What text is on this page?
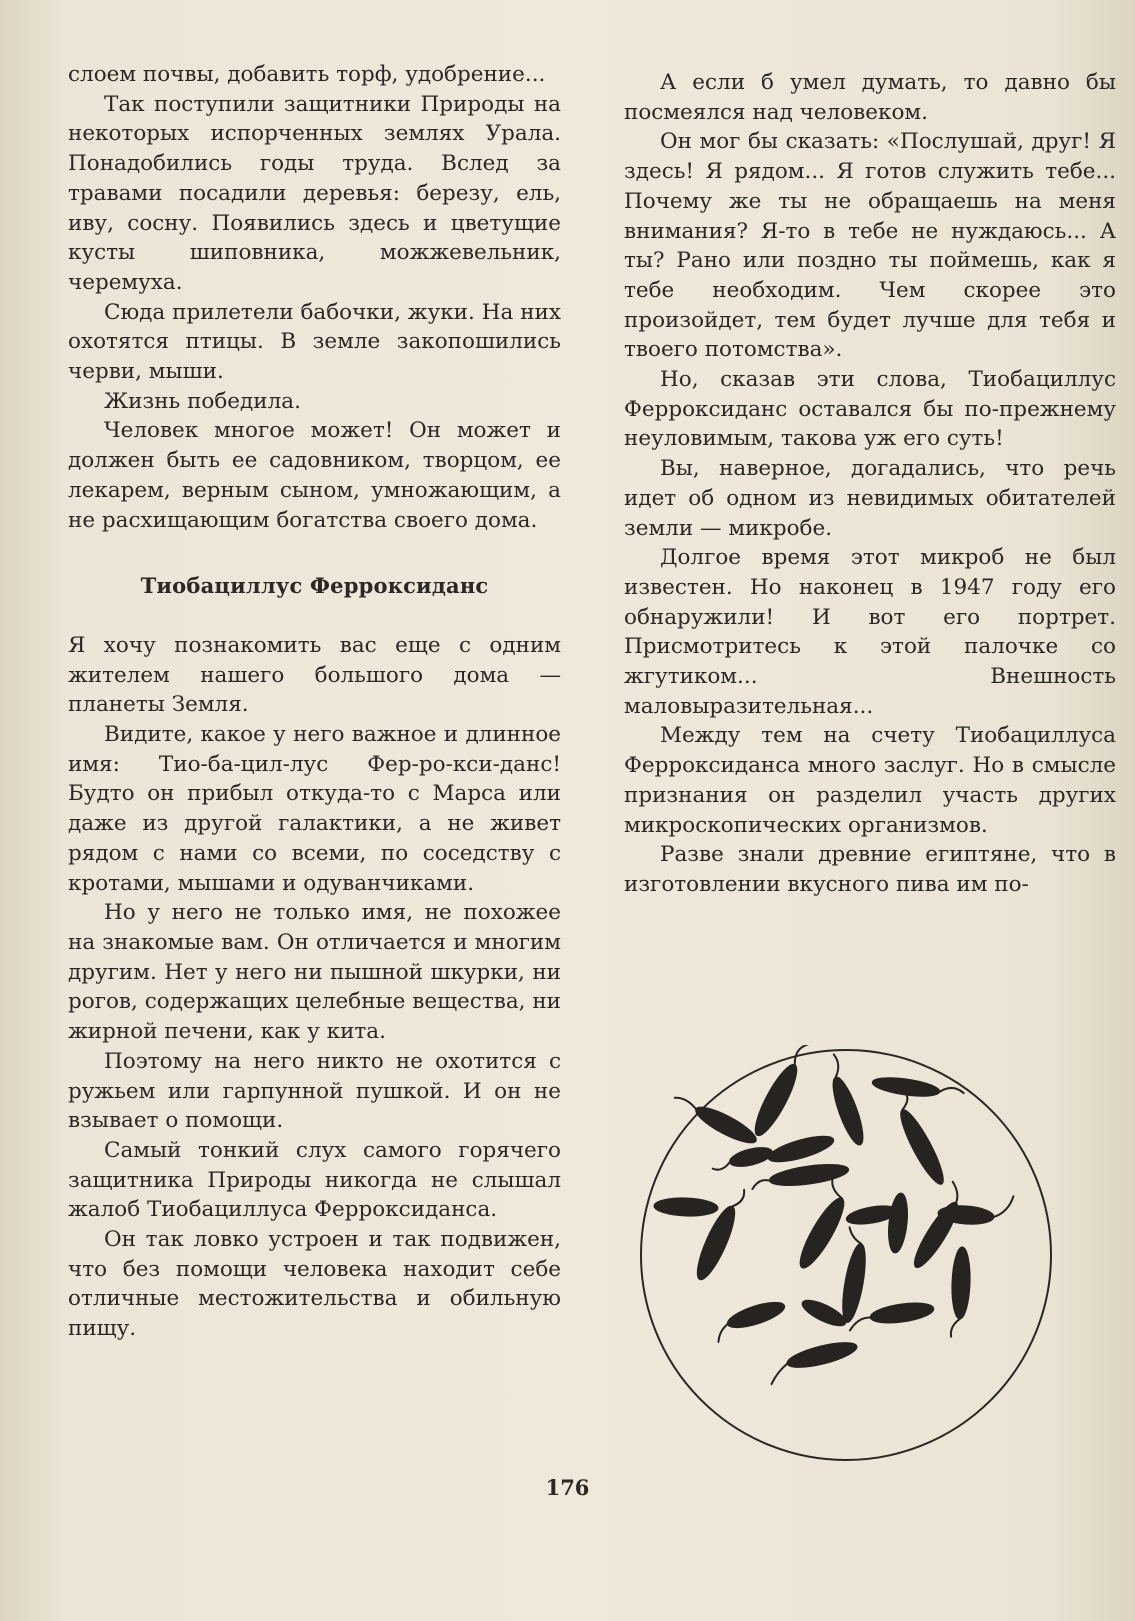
слоем почвы, добавить торф, удобрение...

Так поступили защитники Природы на некоторых испорченных землях Урала. Понадобились годы труда. Вслед за травами посадили деревья: березу, ель, иву, сосну. Появились здесь и цветущие кусты шиповника, можжевельник, черемуха.

Сюда прилетели бабочки, жуки. На них охотятся птицы. В земле закопошились черви, мыши.

Жизнь победила.

Человек многое может! Он может и должен быть ее садовником, творцом, ее лекарем, верным сыном, умножающим, а не расхищающим богатства своего дома.

Тиобациллус Ферроксиданс

Я хочу познакомить вас еще с одним жителем нашего большого дома — планеты Земля.

Видите, какое у него важное и длинное имя: Тио-ба-цил-лус Фер-ро-кси-данс! Будто он прибыл откуда-то с Марса или даже из другой галактики, а не живет рядом с нами со всеми, по соседству с кротами, мышами и одуванчиками.

Но у него не только имя, не похожее на знакомые вам. Он отличается и многим другим. Нет у него ни пышной шкурки, ни рогов, содержащих целебные вещества, ни жирной печени, как у кита.

Поэтому на него никто не охотится с ружьем или гарпунной пушкой. И он не взывает о помощи.

Самый тонкий слух самого горячего защитника Природы никогда не слышал жалоб Тиобациллуса Ферроксиданса.

Он так ловко устроен и так подвижен, что без помощи человека находит себе отличные местожительства и обильную пищу.

А если б умел думать, то давно бы посмеялся над человеком.

Он мог бы сказать: «Послушай, друг! Я здесь! Я рядом... Я готов служить тебе... Почему же ты не обращаешь на меня внимания? Я-то в тебе не нуждаюсь... А ты? Рано или поздно ты поймешь, как я тебе необходим. Чем скорее это произойдет, тем будет лучше для тебя и твоего потомства».

Но, сказав эти слова, Тиобациллус Ферроксиданс оставался бы по-прежнему неуловимым, такова уж его суть!

Вы, наверное, догадались, что речь идет об одном из невидимых обитателей земли — микробе.

Долгое время этот микроб не был известен. Но наконец в 1947 году его обнаружили! И вот его портрет. Присмотритесь к этой палочке со жгутиком... Внешность маловыразительная...

Между тем на счету Тиобациллуса Ферроксиданса много заслуг. Но в смысле признания он разделил участь других микроскопических организмов.

Разве знали древние египтяне, что в изготовлении вкусного пива им по-

176
